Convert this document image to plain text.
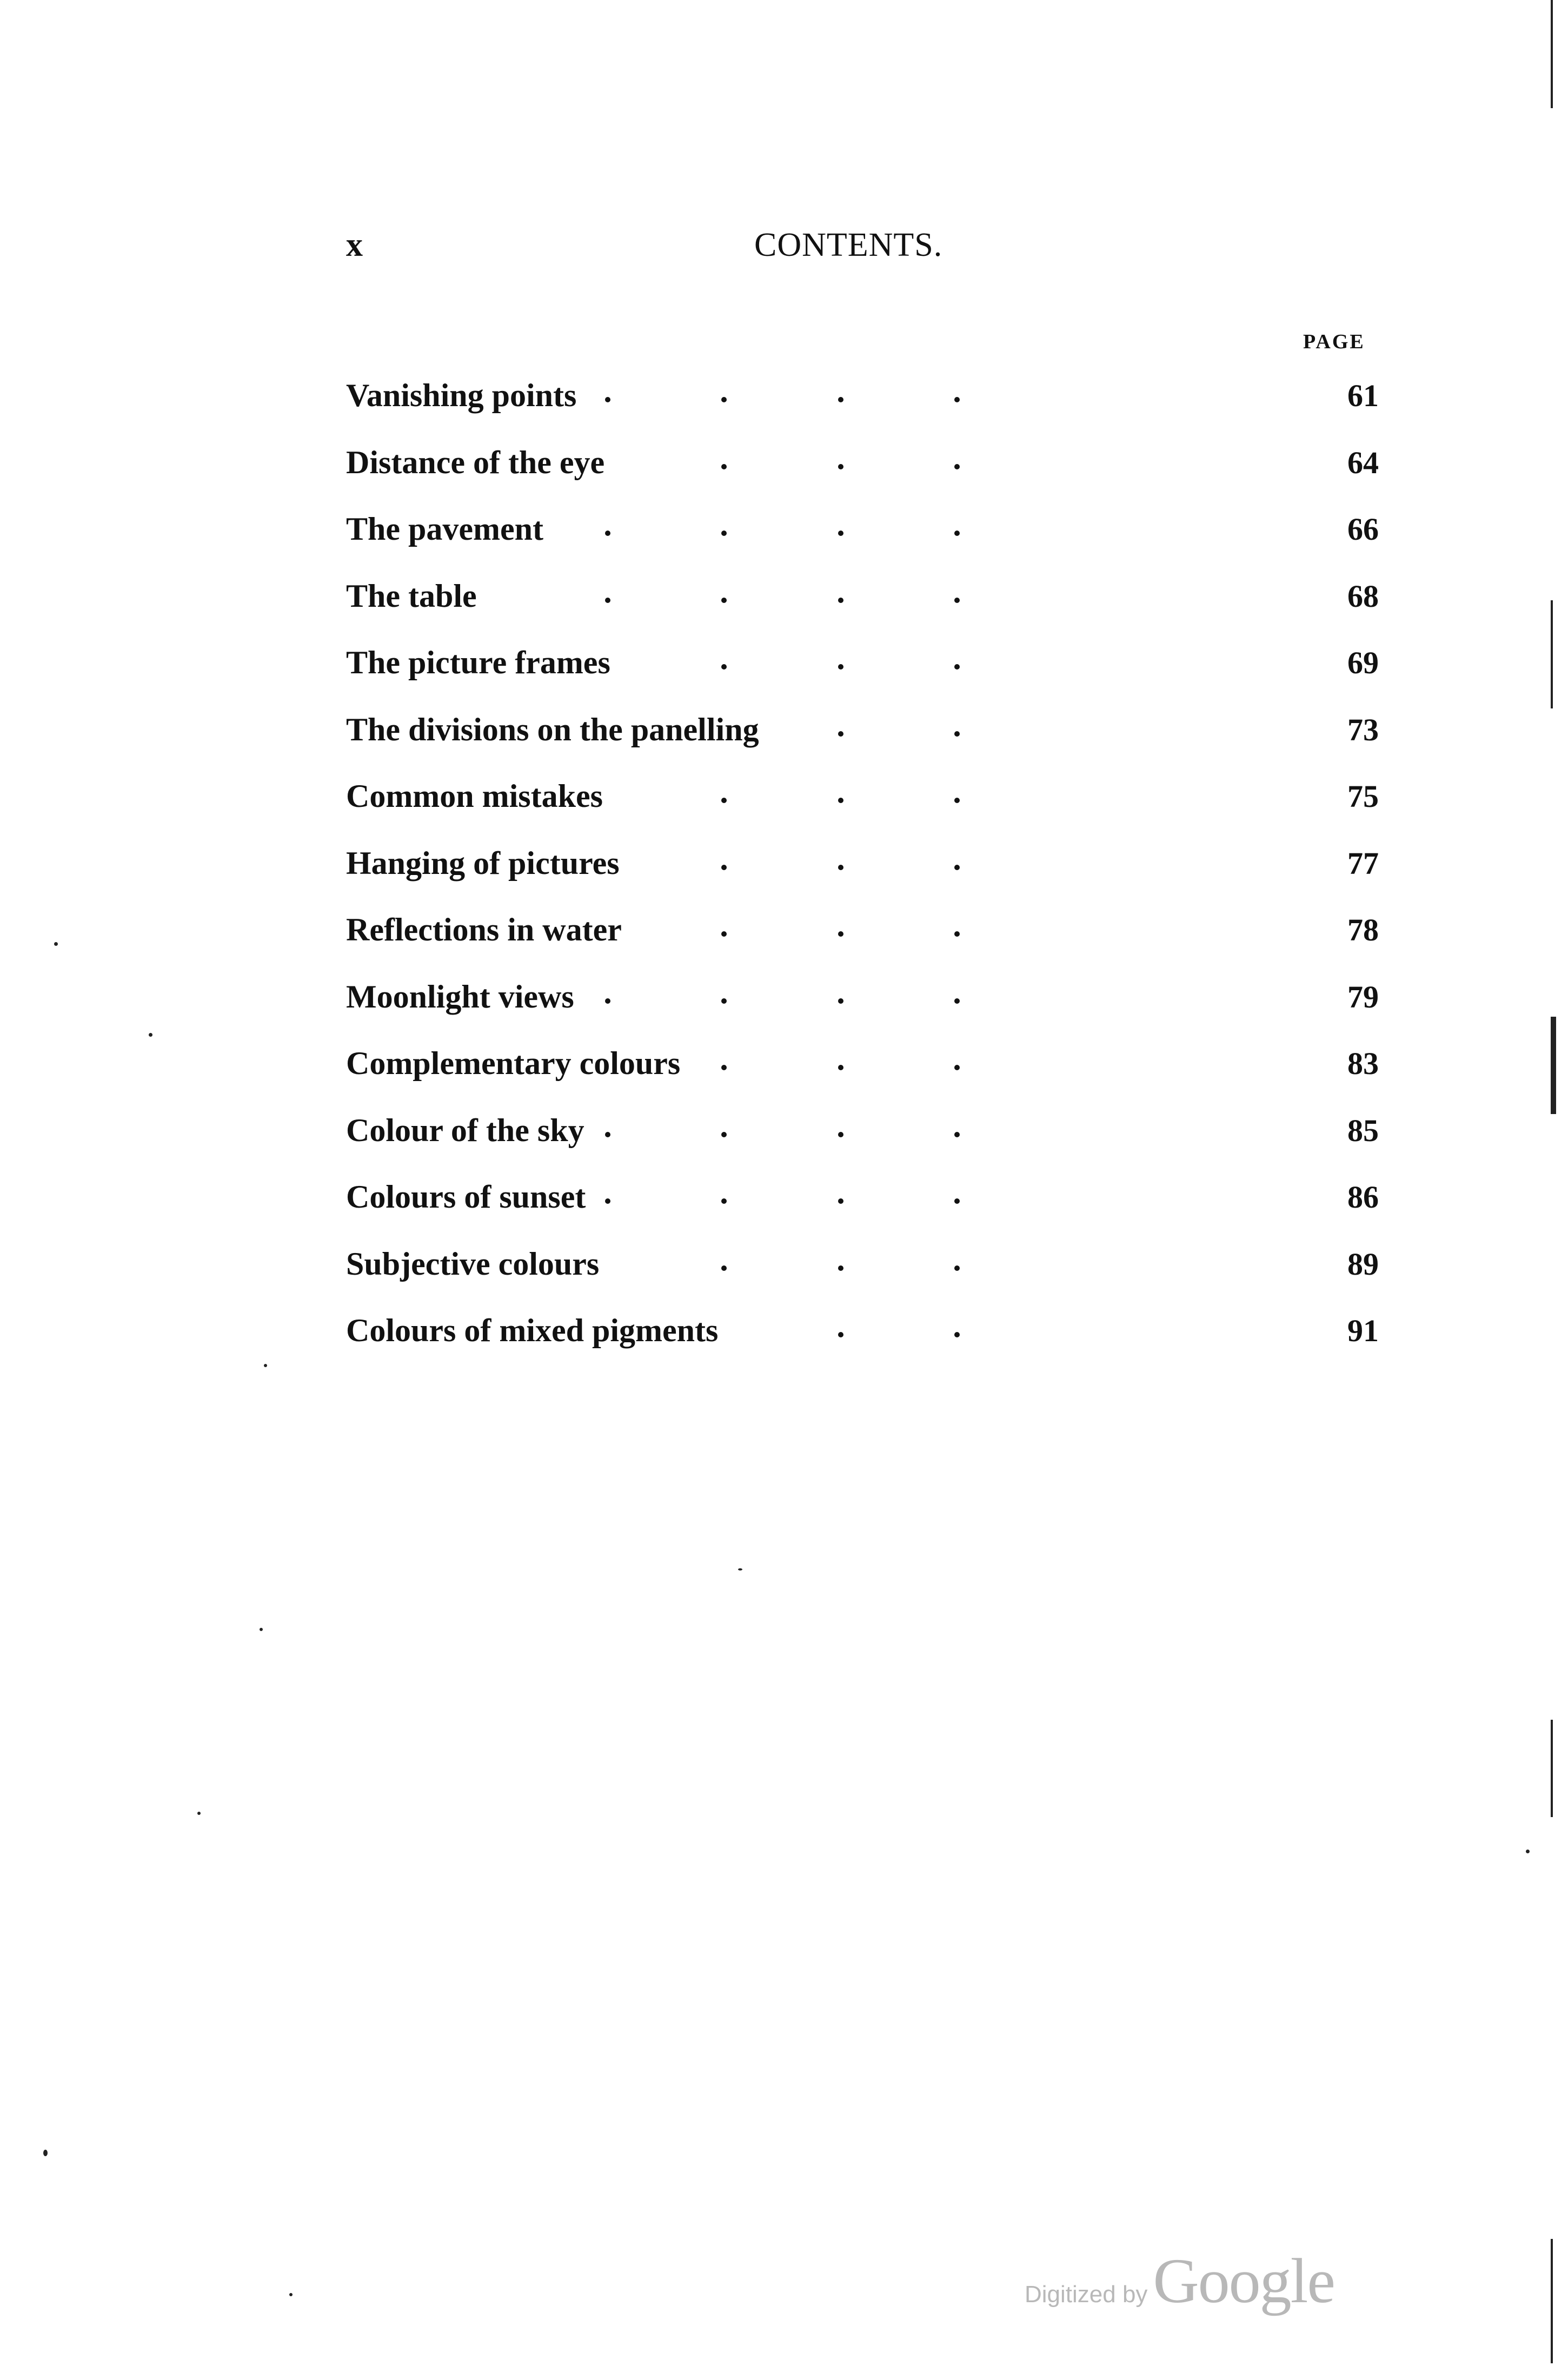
x	CONTENTS.
PAGE
Vanishing points	61
Distance of the eye	64
The pavement	66
The table	68
The picture frames	69
The divisions on the panelling	73
Common mistakes	75
Hanging of pictures	77
Reflections in water	78
Moonlight views	79
Complementary colours	83
Colour of the sky	85
Colours of sunset	86
Subjective colours	89
Colours of mixed pigments	91
Digitized by Google
